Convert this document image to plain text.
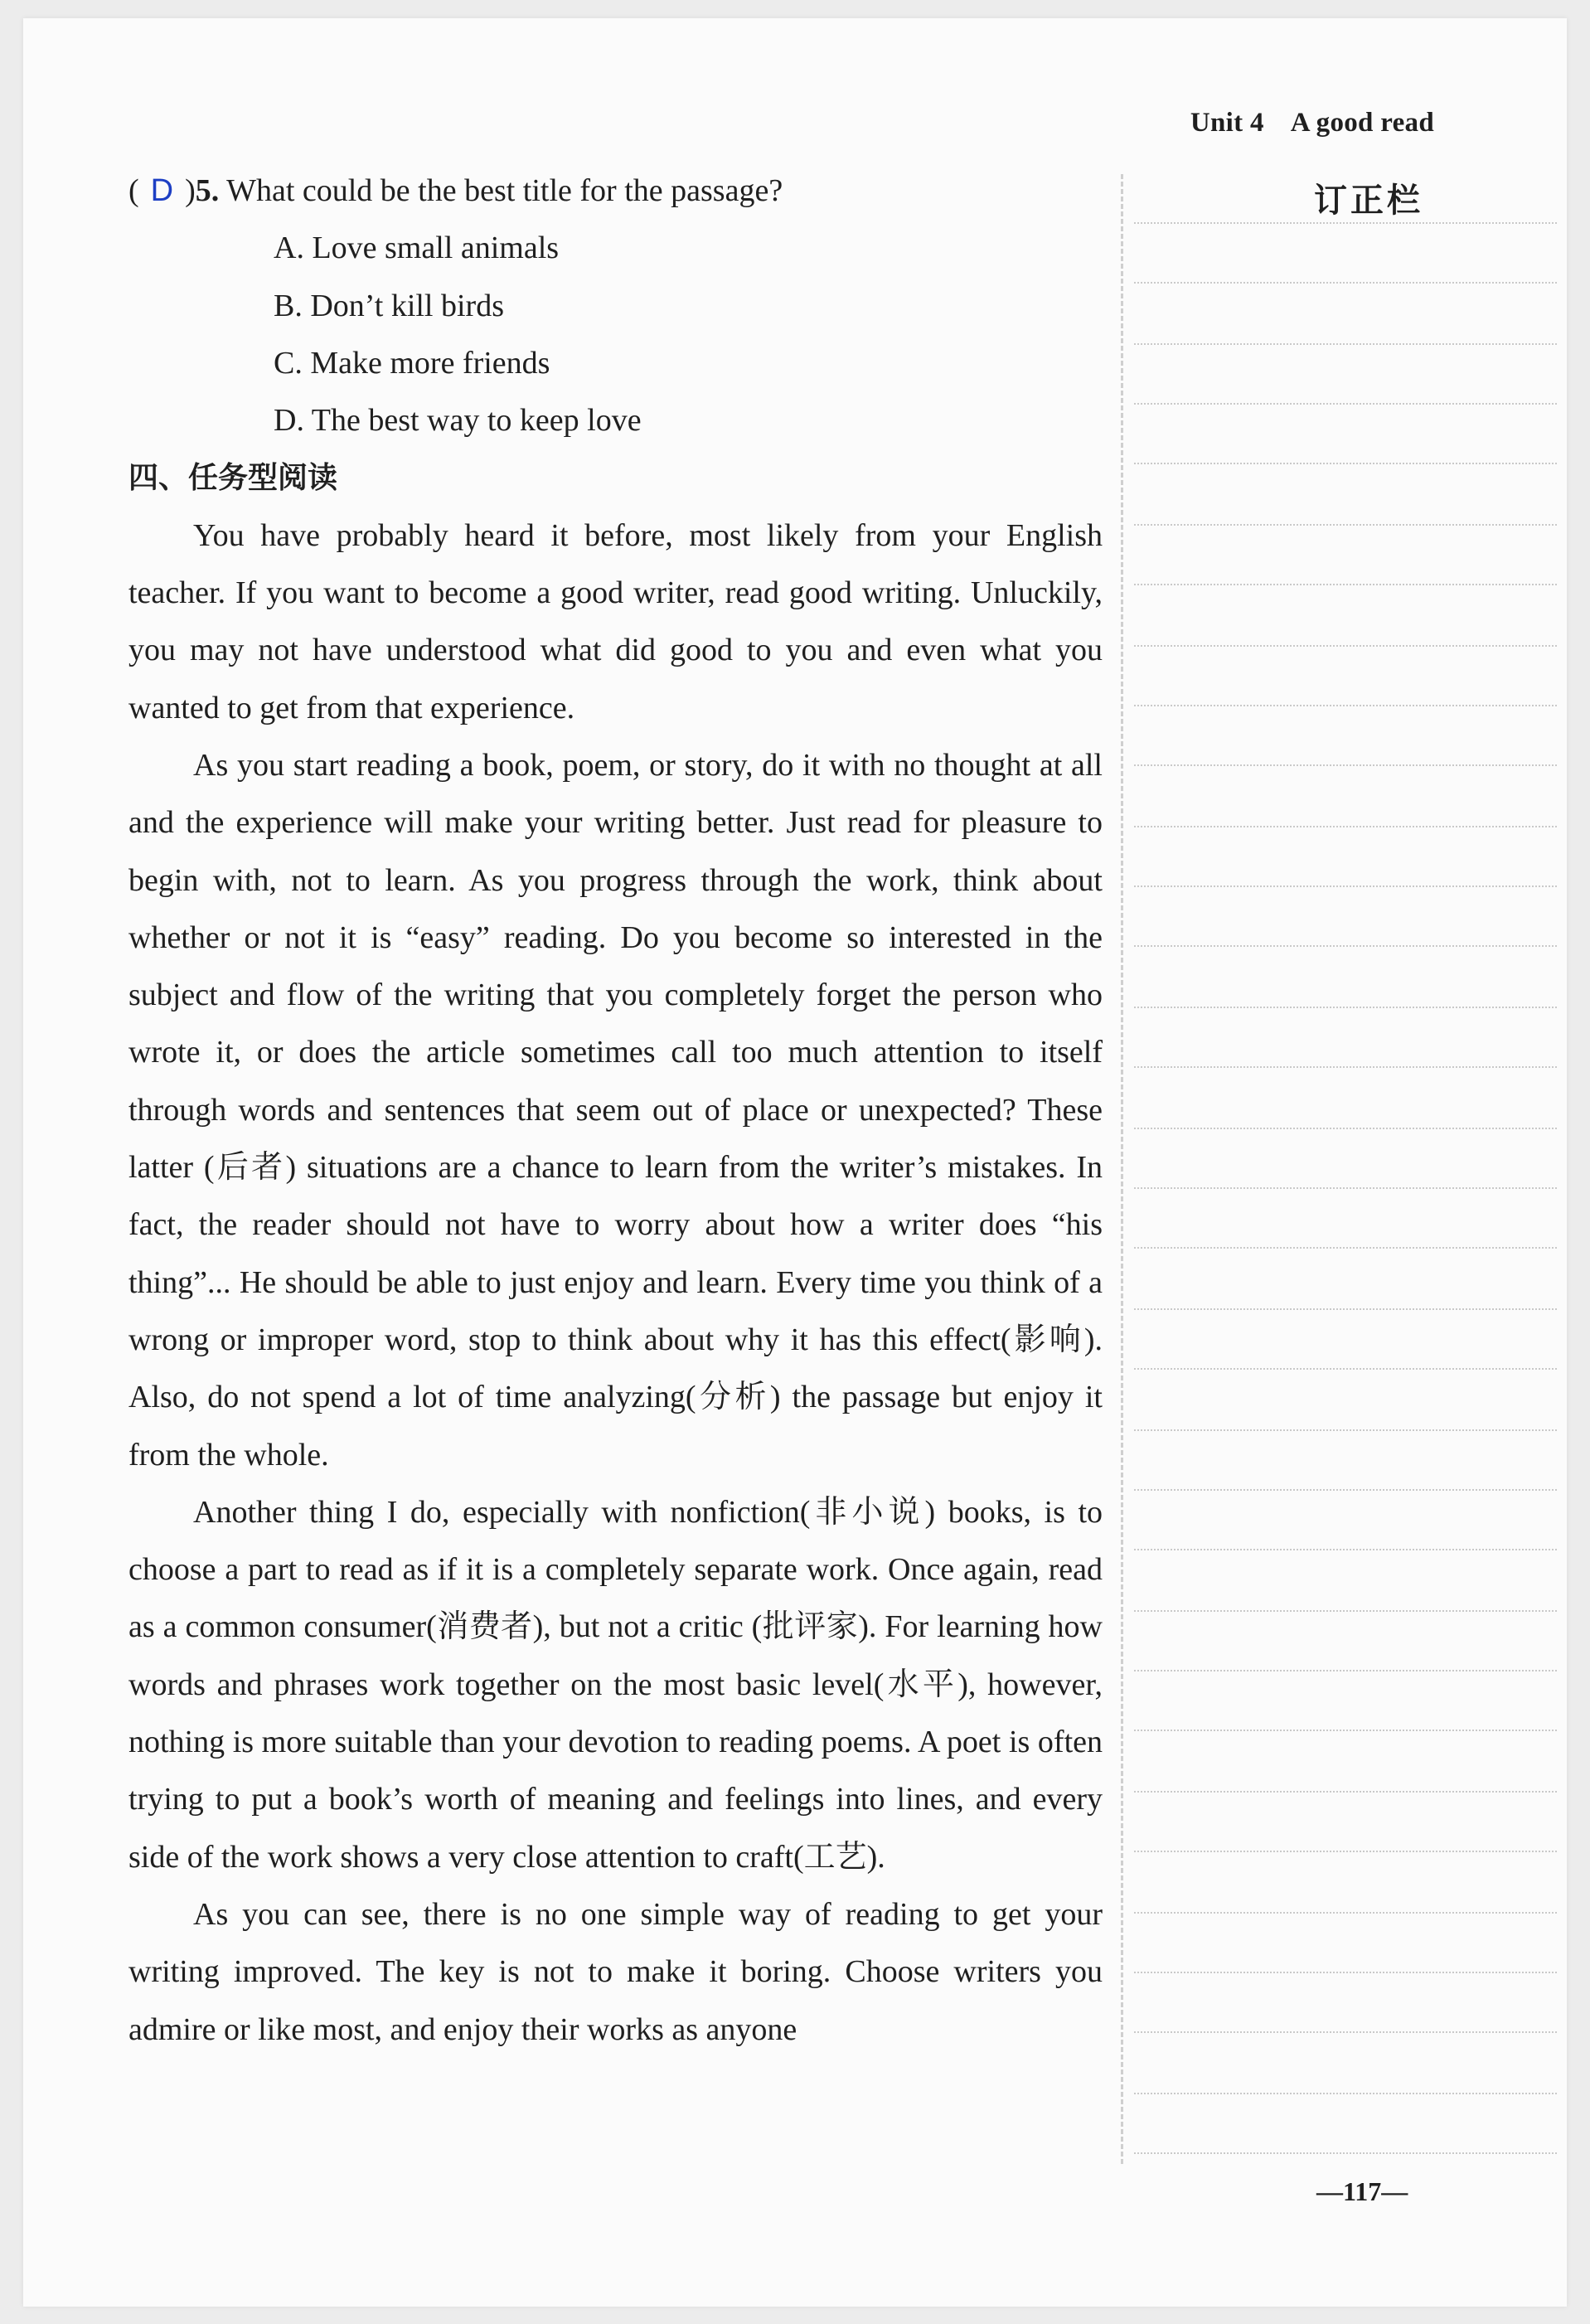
Unit 4 A good read
订正栏
( D )5. What could be the best title for the passage?
A. Love small animals
B. Don’t kill birds
C. Make more friends
D. The best way to keep love
四、任务型阅读

You have probably heard it before, most likely from your English teacher. If you want to become a good writer, read good writing. Unluckily, you may not have understood what did good to you and even what you wanted to get from that experience.

As you start reading a book, poem, or story, do it with no thought at all and the experience will make your writing better. Just read for pleasure to begin with, not to learn. As you progress through the work, think about whether or not it is “easy” reading. Do you become so interested in the subject and flow of the writing that you completely forget the person who wrote it, or does the article sometimes call too much attention to itself through words and sentences that seem out of place or unexpected? These latter (后者) situations are a chance to learn from the writer’s mistakes. In fact, the reader should not have to worry about how a writer does “his thing”... He should be able to just enjoy and learn. Every time you think of a wrong or improper word, stop to think about why it has this effect(影响). Also, do not spend a lot of time analyzing(分析) the passage but enjoy it from the whole.

Another thing I do, especially with nonfiction(非小说) books, is to choose a part to read as if it is a completely separate work. Once again, read as a common consumer(消费者), but not a critic (批评家). For learning how words and phrases work together on the most basic level(水平), however, nothing is more suitable than your devotion to reading poems. A poet is often trying to put a book’s worth of meaning and feelings into lines, and every side of the work shows a very close attention to craft(工艺).

As you can see, there is no one simple way of reading to get your writing improved. The key is not to make it boring. Choose writers you admire or like most, and enjoy their works as anyone

—117—
